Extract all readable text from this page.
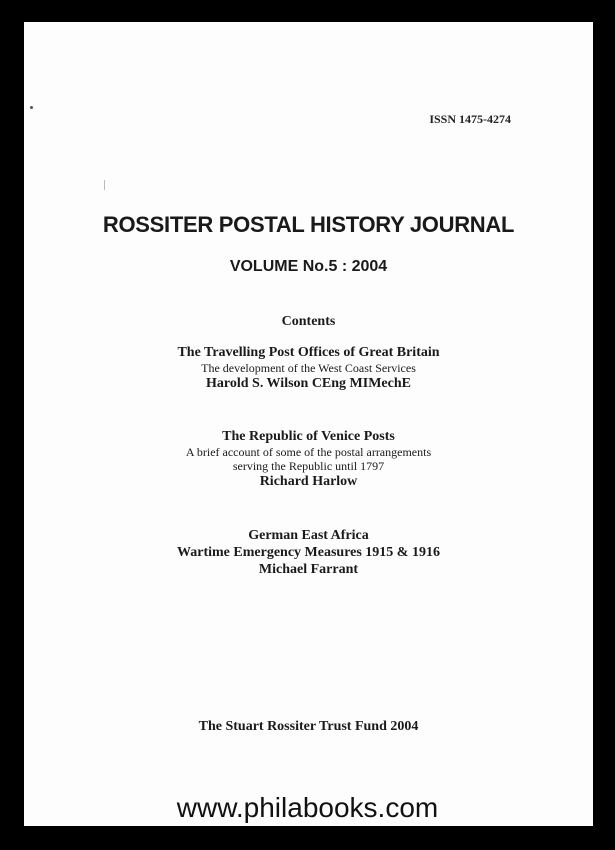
ISSN 1475-4274
ROSSITER POSTAL HISTORY JOURNAL
VOLUME No.5 : 2004
Contents
The Travelling Post Offices of Great Britain
The development of the West Coast Services
Harold S. Wilson CEng MIMechE
The Republic of Venice Posts
A brief account of some of the postal arrangements
serving the Republic until 1797
Richard Harlow
German East Africa
Wartime Emergency Measures 1915 & 1916
Michael Farrant
The Stuart Rossiter Trust Fund 2004
www.philabooks.com
